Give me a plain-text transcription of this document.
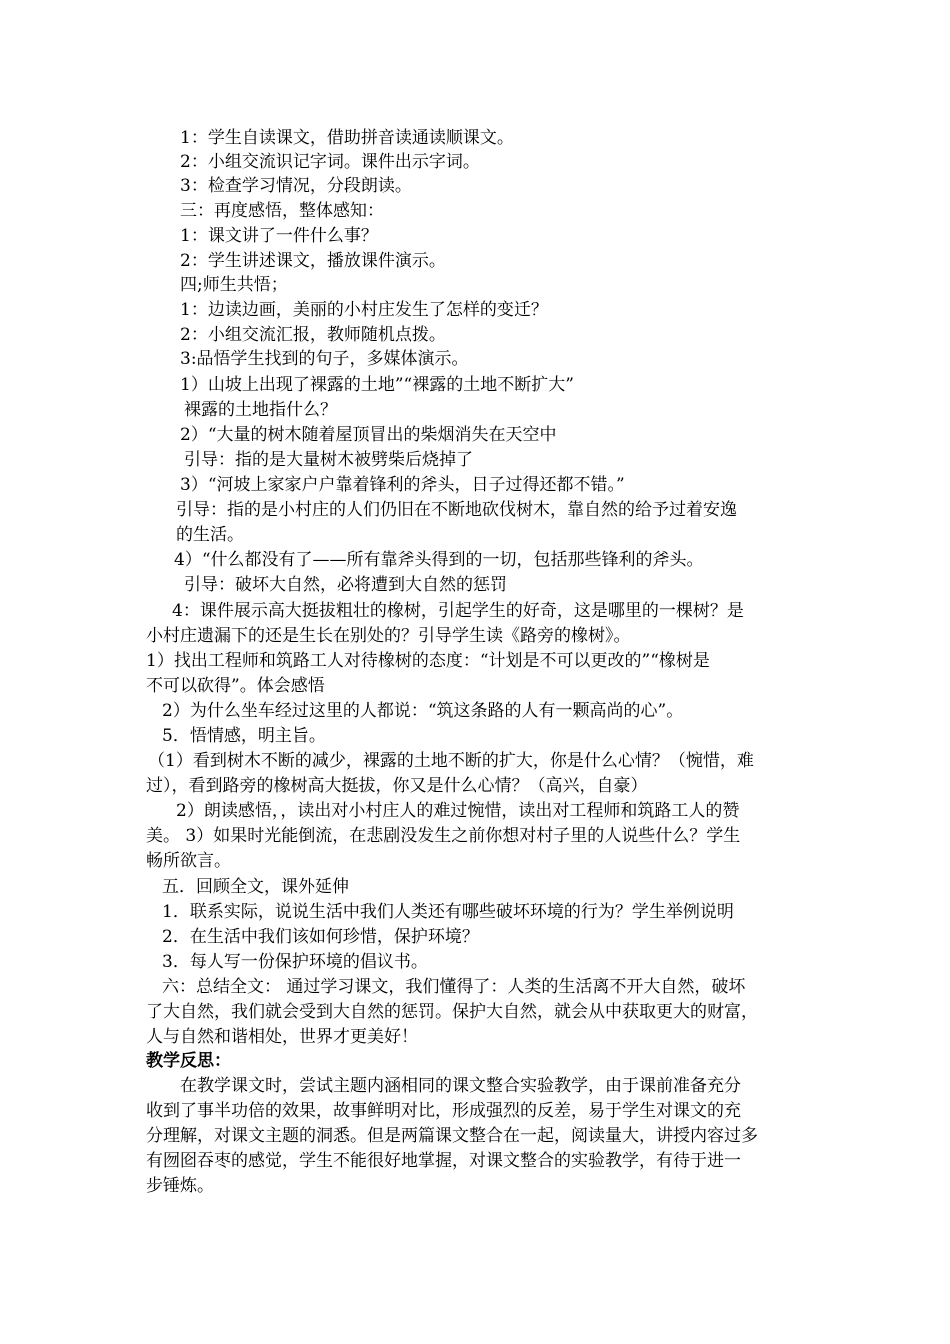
1：学生自读课文，借助拼音读通读顺课文。
2：小组交流识记字词。课件出示字词。
3：检查学习情况，分段朗读。
三：再度感悟，整体感知：
1：课文讲了一件什么事？
2：学生讲述课文，播放课件演示。
四;师生共悟；
1：边读边画，美丽的小村庄发生了怎样的变迁？
2：小组交流汇报，教师随机点拨。
3:品悟学生找到的句子，多媒体演示。
1）山坡上出现了裸露的土地”“裸露的土地不断扩大”
裸露的土地指什么？
2）“大量的树木随着屋顶冒出的柴烟消失在天空中
引导：指的是大量树木被劈柴后烧掉了
3）“河坡上家家户户靠着锋利的斧头，日子过得还都不错。”
引导：指的是小村庄的人们仍旧在不断地砍伐树木，靠自然的给予过着安逸
的生活。
4）“什么都没有了——所有靠斧头得到的一切，包括那些锋利的斧头。
引导：破坏大自然，必将遭到大自然的惩罚
4：课件展示高大挺拔粗壮的橡树，引起学生的好奇，这是哪里的一棵树？是
小村庄遗漏下的还是生长在别处的？引导学生读《路旁的橡树》。
1）找出工程师和筑路工人对待橡树的态度：“计划是不可以更改的”“橡树是
不可以砍得”。体会感悟
2）为什么坐车经过这里的人都说：“筑这条路的人有一颗高尚的心”。
5．悟情感，明主旨。
（1）看到树木不断的减少，裸露的土地不断的扩大，你是什么心情？（惋惜，难
过），看到路旁的橡树高大挺拔，你又是什么心情？（高兴，自豪）
2）朗读感悟，，读出对小村庄人的难过惋惜，读出对工程师和筑路工人的赞
美。 3）如果时光能倒流，在悲剧没发生之前你想对村子里的人说些什么？学生
畅所欲言。
五．回顾全文，课外延伸
1．联系实际，说说生活中我们人类还有哪些破坏环境的行为？学生举例说明
2．在生活中我们该如何珍惜，保护环境？
3．每人写一份保护环境的倡议书。
六：总结全文： 通过学习课文，我们懂得了：人类的生活离不开大自然，破坏
了大自然，我们就会受到大自然的惩罚。保护大自然，就会从中获取更大的财富，
人与自然和谐相处，世界才更美好！
教学反思：
在教学课文时，尝试主题内涵相同的课文整合实验教学，由于课前准备充分
收到了事半功倍的效果，故事鲜明对比，形成强烈的反差，易于学生对课文的充
分理解，对课文主题的洞悉。但是两篇课文整合在一起，阅读量大，讲授内容过多
有囫囵吞枣的感觉，学生不能很好地掌握，对课文整合的实验教学，有待于进一
步锤炼。
